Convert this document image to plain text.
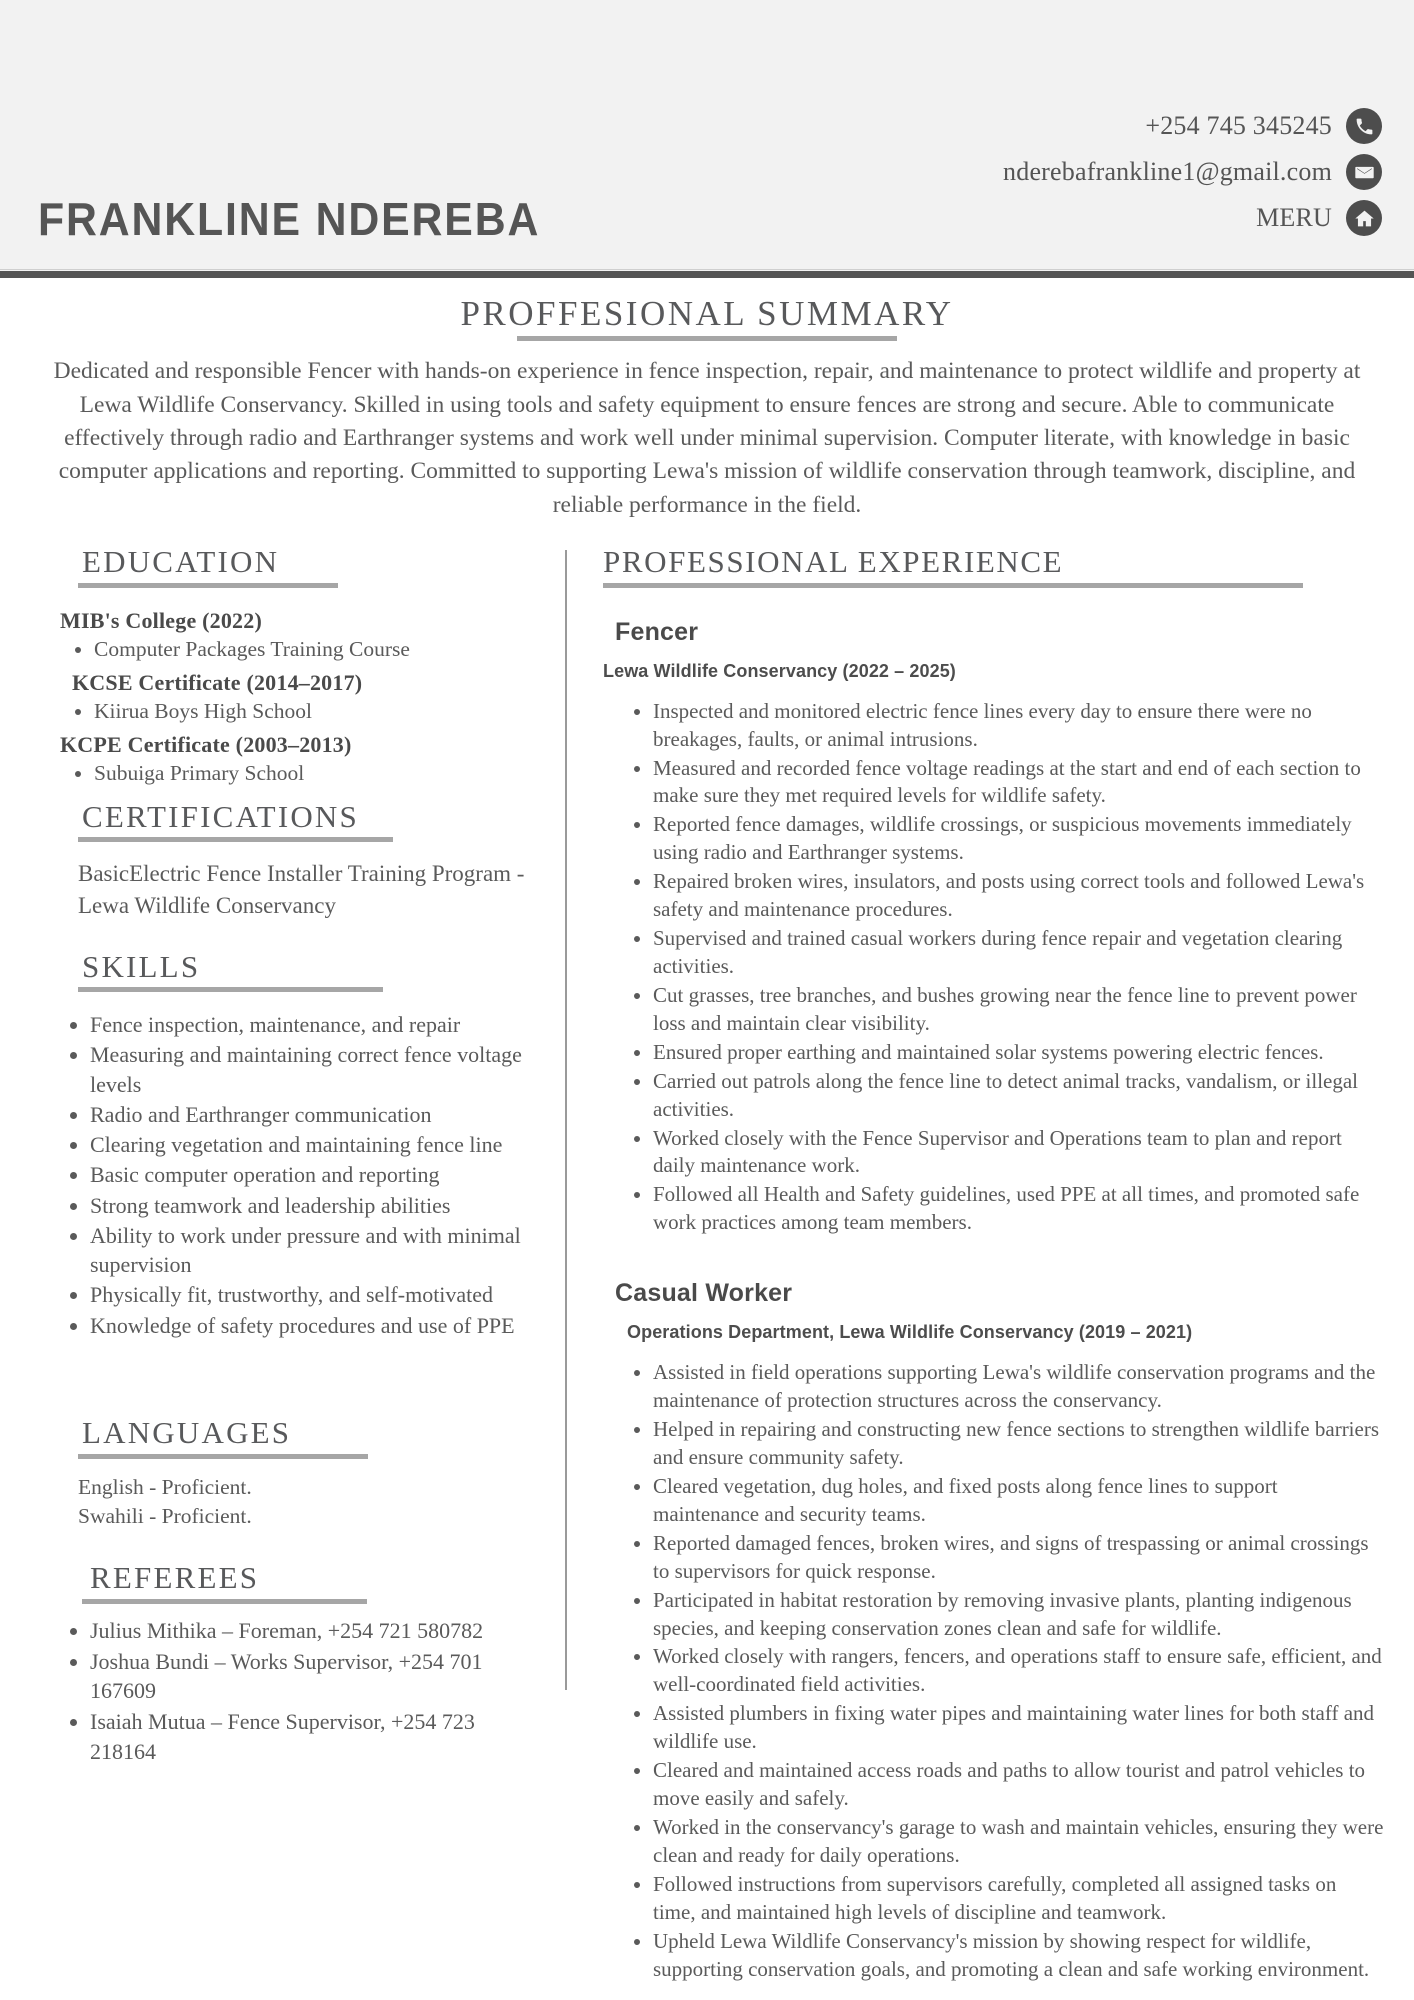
FRANKLINE NDEREBA
+254 745 345245
nderebafrankline1@gmail.com
MERU
PROFFESIONAL SUMMARY
Dedicated and responsible Fencer with hands-on experience in fence inspection, repair, and maintenance to protect wildlife and property at Lewa Wildlife Conservancy. Skilled in using tools and safety equipment to ensure fences are strong and secure. Able to communicate effectively through radio and Earthranger systems and work well under minimal supervision. Computer literate, with knowledge in basic computer applications and reporting. Committed to supporting Lewa's mission of wildlife conservation through teamwork, discipline, and reliable performance in the field.
EDUCATION
MIB's College (2022)
• Computer Packages Training Course
KCSE Certificate (2014–2017)
• Kiirua Boys High School
KCPE Certificate (2003–2013)
• Subuiga Primary School
CERTIFICATIONS
BasicElectric Fence Installer Training Program - Lewa Wildlife Conservancy
SKILLS
• Fence inspection, maintenance, and repair
• Measuring and maintaining correct fence voltage levels
• Radio and Earthranger communication
• Clearing vegetation and maintaining fence line
• Basic computer operation and reporting
• Strong teamwork and leadership abilities
• Ability to work under pressure and with minimal supervision
• Physically fit, trustworthy, and self-motivated
• Knowledge of safety procedures and use of PPE
LANGUAGES
English - Proficient.
Swahili - Proficient.
REFEREES
• Julius Mithika – Foreman, +254 721 580782
• Joshua Bundi – Works Supervisor, +254 701 167609
• Isaiah Mutua – Fence Supervisor, +254 723 218164
PROFESSIONAL EXPERIENCE
Fencer
Lewa Wildlife Conservancy (2022 – 2025)
• Inspected and monitored electric fence lines every day to ensure there were no breakages, faults, or animal intrusions.
• Measured and recorded fence voltage readings at the start and end of each section to make sure they met required levels for wildlife safety.
• Reported fence damages, wildlife crossings, or suspicious movements immediately using radio and Earthranger systems.
• Repaired broken wires, insulators, and posts using correct tools and followed Lewa's safety and maintenance procedures.
• Supervised and trained casual workers during fence repair and vegetation clearing activities.
• Cut grasses, tree branches, and bushes growing near the fence line to prevent power loss and maintain clear visibility.
• Ensured proper earthing and maintained solar systems powering electric fences.
• Carried out patrols along the fence line to detect animal tracks, vandalism, or illegal activities.
• Worked closely with the Fence Supervisor and Operations team to plan and report daily maintenance work.
• Followed all Health and Safety guidelines, used PPE at all times, and promoted safe work practices among team members.
Casual Worker
Operations Department, Lewa Wildlife Conservancy (2019 – 2021)
• Assisted in field operations supporting Lewa's wildlife conservation programs and the maintenance of protection structures across the conservancy.
• Helped in repairing and constructing new fence sections to strengthen wildlife barriers and ensure community safety.
• Cleared vegetation, dug holes, and fixed posts along fence lines to support maintenance and security teams.
• Reported damaged fences, broken wires, and signs of trespassing or animal crossings to supervisors for quick response.
• Participated in habitat restoration by removing invasive plants, planting indigenous species, and keeping conservation zones clean and safe for wildlife.
• Worked closely with rangers, fencers, and operations staff to ensure safe, efficient, and well-coordinated field activities.
• Assisted plumbers in fixing water pipes and maintaining water lines for both staff and wildlife use.
• Cleared and maintained access roads and paths to allow tourist and patrol vehicles to move easily and safely.
• Worked in the conservancy's garage to wash and maintain vehicles, ensuring they were clean and ready for daily operations.
• Followed instructions from supervisors carefully, completed all assigned tasks on time, and maintained high levels of discipline and teamwork.
• Upheld Lewa Wildlife Conservancy's mission by showing respect for wildlife, supporting conservation goals, and promoting a clean and safe working environment.
